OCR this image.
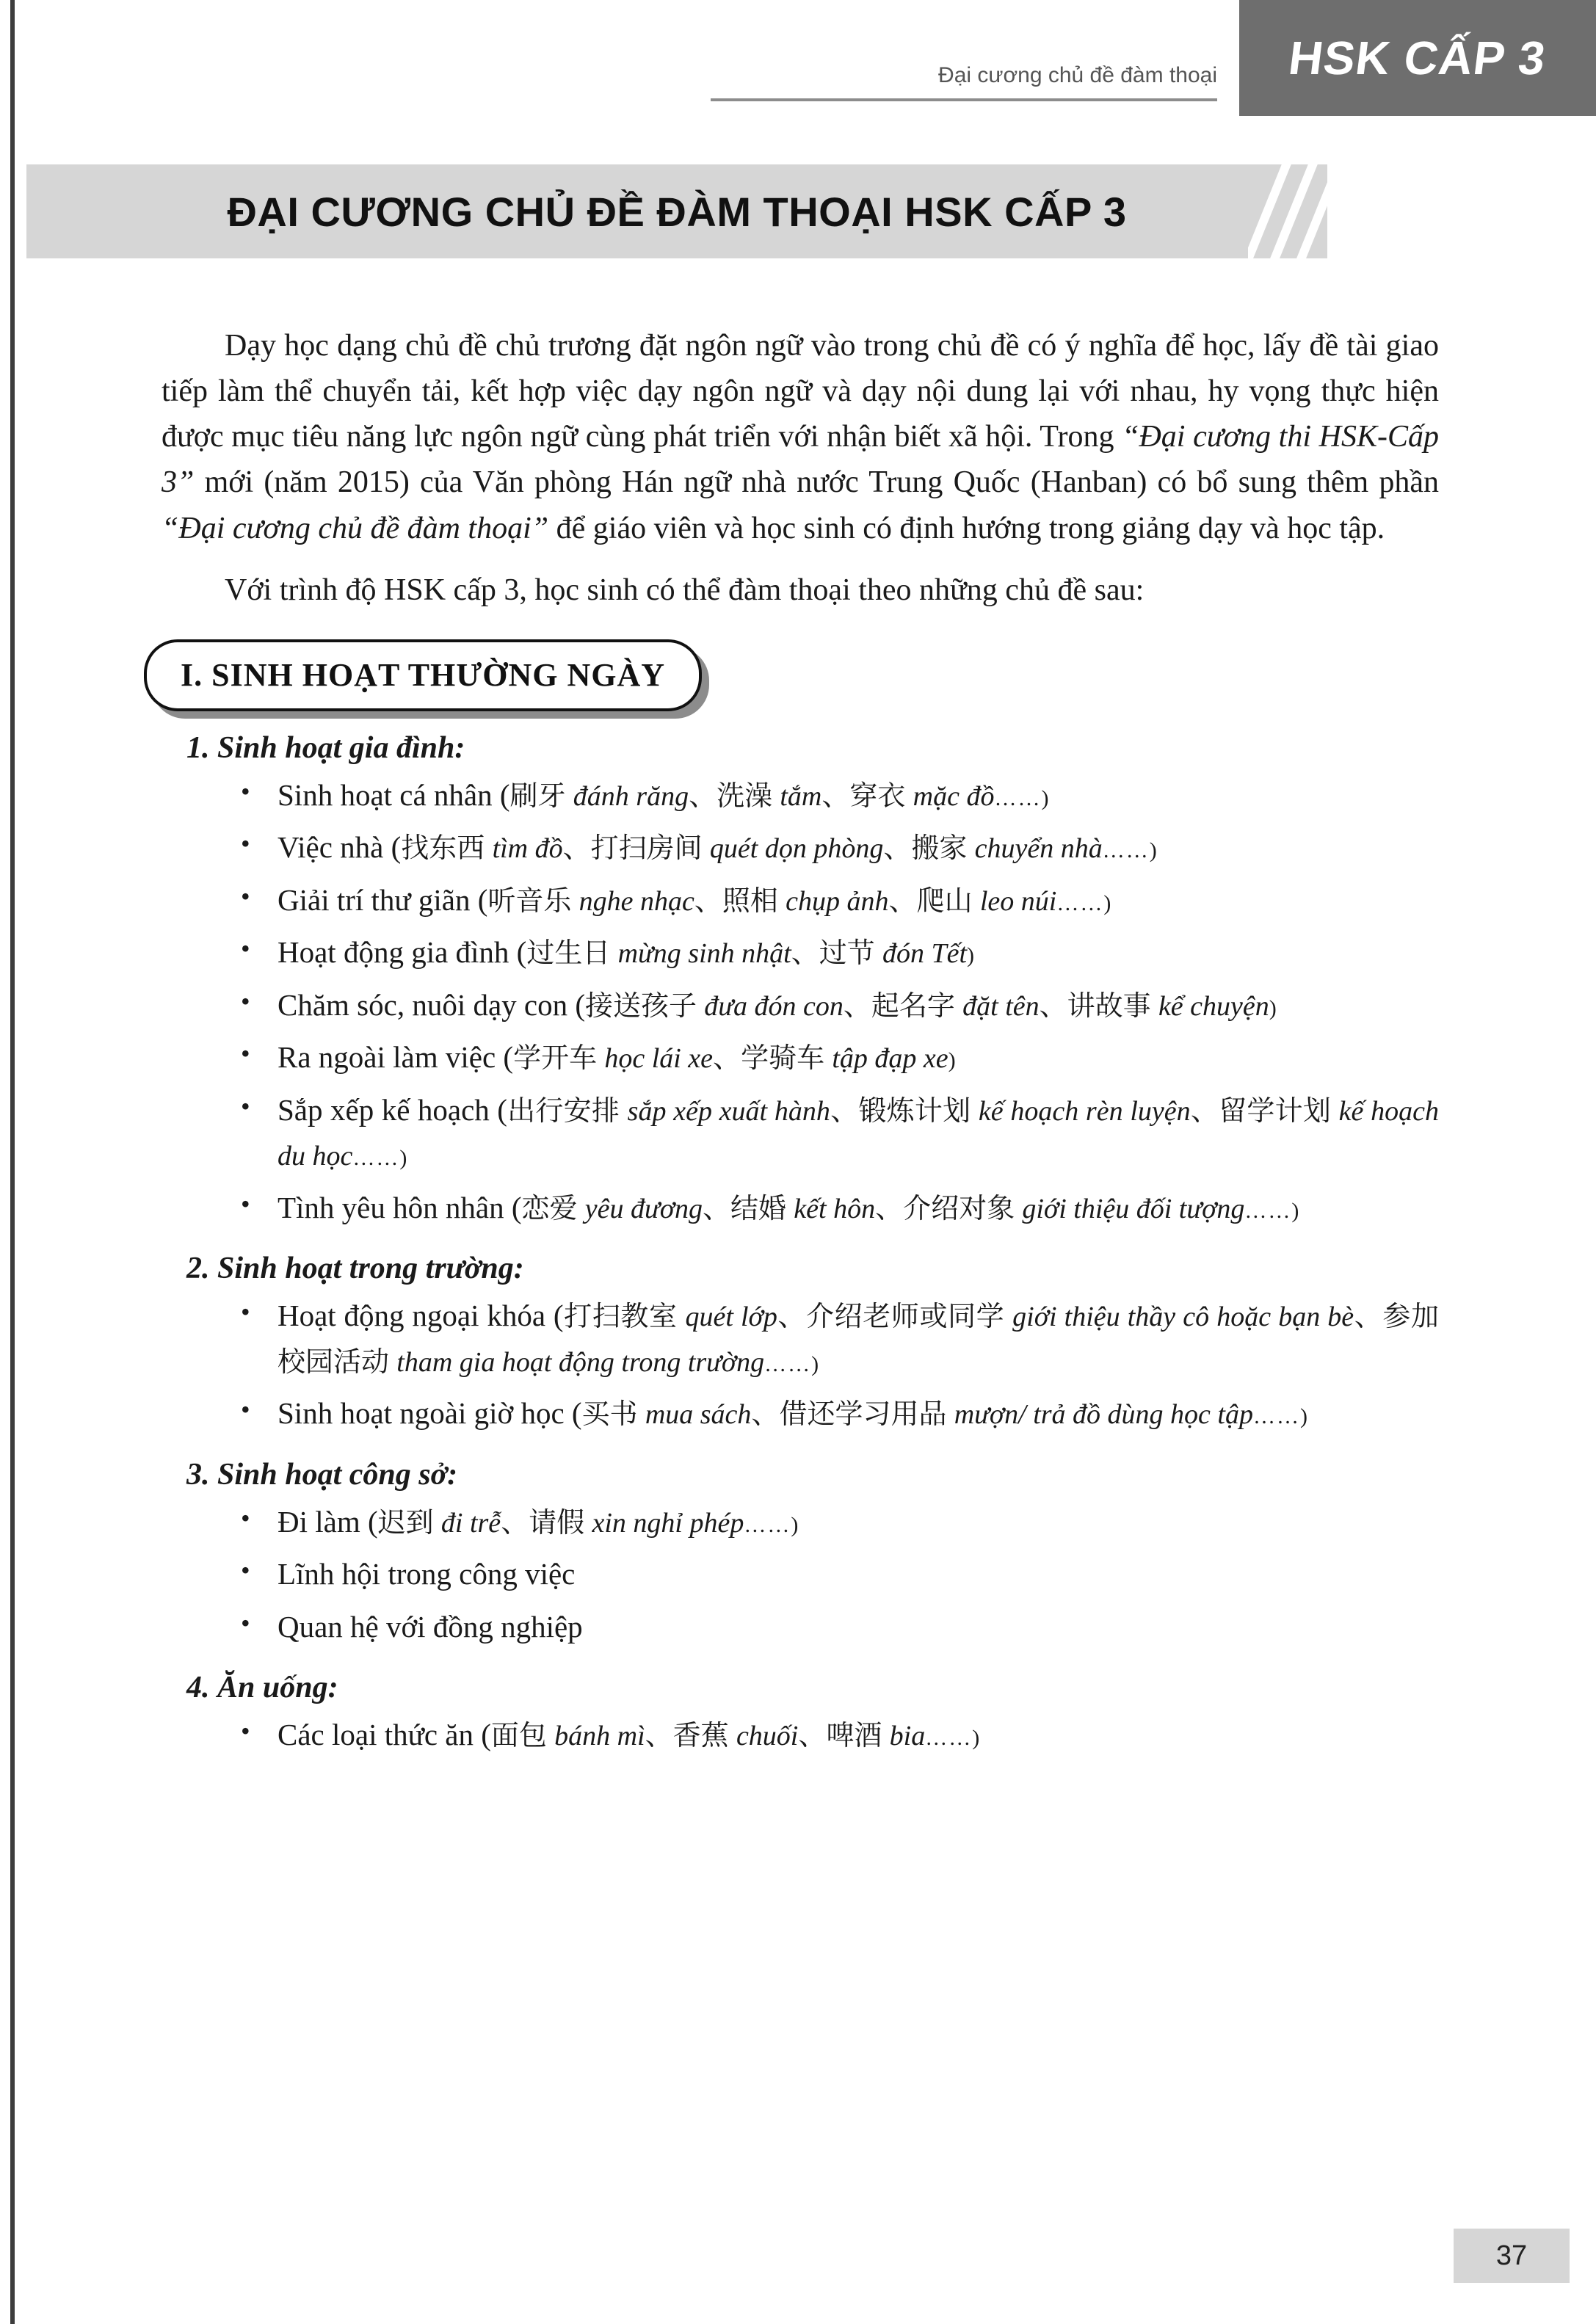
Đại cương chủ đề đàm thoại HSK CẤP 3
ĐẠI CƯƠNG CHỦ ĐỀ ĐÀM THOẠI HSK CẤP 3

Dạy học dạng chủ đề chủ trương đặt ngôn ngữ vào trong chủ đề có ý nghĩa để học, lấy đề tài giao tiếp làm thể chuyển tải, kết hợp việc dạy ngôn ngữ và dạy nội dung lại với nhau, hy vọng thực hiện được mục tiêu năng lực ngôn ngữ cùng phát triển với nhận biết xã hội. Trong “Đại cương thi HSK-Cấp 3” mới (năm 2015) của Văn phòng Hán ngữ nhà nước Trung Quốc (Hanban) có bổ sung thêm phần “Đại cương chủ đề đàm thoại” để giáo viên và học sinh có định hướng trong giảng dạy và học tập.

Với trình độ HSK cấp 3, học sinh có thể đàm thoại theo những chủ đề sau:

I. SINH HOẠT THƯỜNG NGÀY
1. Sinh hoạt gia đình:
• Sinh hoạt cá nhân (刷牙 đánh răng、洗澡 tắm、穿衣 mặc đồ……)
• Việc nhà (找东西 tìm đồ、打扫房间 quét dọn phòng、搬家 chuyển nhà……)
• Giải trí thư giãn (听音乐 nghe nhạc、照相 chụp ảnh、爬山 leo núi……)
• Hoạt động gia đình (过生日 mừng sinh nhật、过节 đón Tết)
• Chăm sóc, nuôi dạy con (接送孩子 đưa đón con、起名字 đặt tên、讲故事 kể chuyện)
• Ra ngoài làm việc (学开车 học lái xe、学骑车 tập đạp xe)
• Sắp xếp kế hoạch (出行安排 sắp xếp xuất hành、锻炼计划 kế hoạch rèn luyện、留学计划 kế hoạch du học……)
• Tình yêu hôn nhân (恋爱 yêu đương、结婚 kết hôn、介绍对象 giới thiệu đối tượng……)
2. Sinh hoạt trong trường:
• Hoạt động ngoại khóa (打扫教室 quét lớp、介绍老师或同学 giới thiệu thầy cô hoặc bạn bè、参加校园活动 tham gia hoạt động trong trường……)
• Sinh hoạt ngoài giờ học (买书 mua sách、借还学习用品 mượn/ trả đồ dùng học tập……)
3. Sinh hoạt công sở:
• Đi làm (迟到 đi trễ、请假 xin nghỉ phép……)
• Lĩnh hội trong công việc
• Quan hệ với đồng nghiệp
4. Ăn uống:
• Các loại thức ăn (面包 bánh mì、香蕉 chuối、啤酒 bia……)
37
